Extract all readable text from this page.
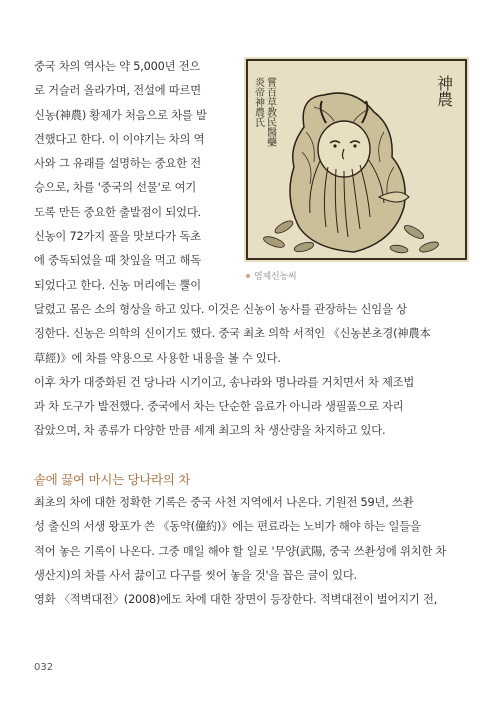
중국 차의 역사는 약 5,000년 전으
로 거슬러 올라가며, 전설에 따르면
신농(神農) 황제가 처음으로 차를 발
견했다고 한다. 이 이야기는 차의 역
사와 그 유래를 설명하는 중요한 전
승으로, 차를 '중국의 선물'로 여기
도록 만든 중요한 출발점이 되었다.
신농이 72가지 풀을 맛보다가 독초
에 중독되었을 때 찻잎을 먹고 해독
되었다고 한다. 신농 머리에는 뿔이
嘗百草教民醫藥
炎帝神農氏	神農
염제신농씨
달렸고 몸은 소의 형상을 하고 있다. 이것은 신농이 농사를 관장하는 신임을 상
징한다. 신농은 의학의 신이기도 했다. 중국 최초 의학 서적인 《신농본초경(神農本
草經)》에 차를 약용으로 사용한 내용을 볼 수 있다.
이후 차가 대중화된 건 당나라 시기이고, 송나라와 명나라를 거치면서 차 제조법
과 차 도구가 발전했다. 중국에서 차는 단순한 음료가 아니라 생필품으로 자리
잡았으며, 차 종류가 다양한 만큼 세계 최고의 차 생산량을 차지하고 있다.
솥에 끓여 마시는 당나라의 차
최초의 차에 대한 정확한 기록은 중국 사천 지역에서 나온다. 기원전 59년, 쓰촨
성 출신의 서생 왕포가 쓴 《동약(僮約)》에는 편료라는 노비가 해야 하는 일들을
적어 놓은 기록이 나온다. 그중 매일 해야 할 일로 '무양(武陽, 중국 쓰촨성에 위치한 차
생산지)의 차를 사서 끓이고 다구를 씻어 놓을 것'을 꼽은 글이 있다.
영화 〈적벽대전〉(2008)에도 차에 대한 장면이 등장한다. 적벽대전이 벌어지기 전,
032
